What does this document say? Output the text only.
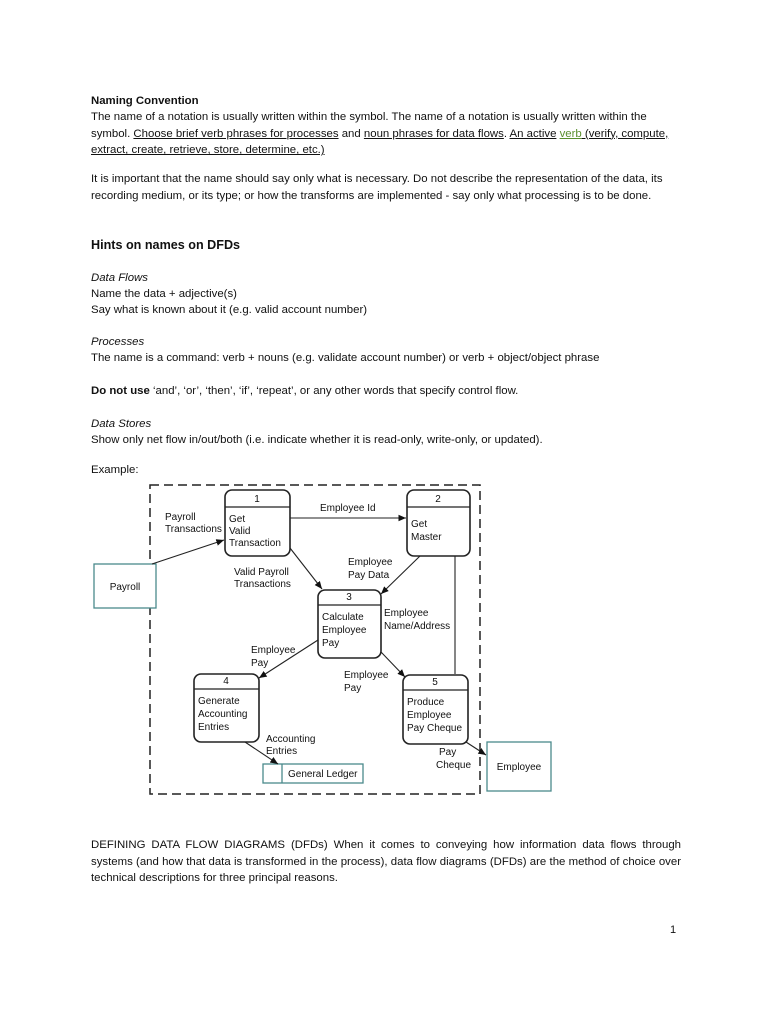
Naming Convention
The name of a notation is usually written within the symbol. The name of a notation is usually written within the symbol. Choose brief verb phrases for processes and noun phrases for data flows. An active verb (verify, compute, extract, create, retrieve, store, determine, etc.)
It is important that the name should say only what is necessary. Do not describe the representation of the data, its recording medium, or its type; or how the transforms are implemented - say only what processing is to be done.
Hints on names on DFDs
Data Flows
Name the data + adjective(s)
Say what is known about it (e.g. valid account number)
Processes
The name is a command: verb + nouns (e.g. validate account number) or verb + object/object phrase
Do not use ‘and’, ‘or’, ‘then’, ‘if’, ‘repeat’, or any other words that specify control flow.
Data Stores
Show only net flow in/out/both (i.e. indicate whether it is read-only, write-only, or updated).
Example:
1
Get
Valid
Transaction
2
Get
Master
3
Calculate
Employee
Pay
4
Generate
Accounting
Entries
5
Produce
Employee
Pay Cheque
Payroll
Employee
General Ledger
Payroll
Transactions
Employee Id
Employee
Pay Data
Valid Payroll
Transactions
Employee
Name/Address
Employee
Pay
Employee
Pay
Accounting
Entries	Pay
Cheque
DEFINING DATA FLOW DIAGRAMS (DFDs) When it comes to conveying how information data flows through systems (and how that data is transformed in the process), data flow diagrams (DFDs) are the method of choice over technical descriptions for three principal reasons.
1
